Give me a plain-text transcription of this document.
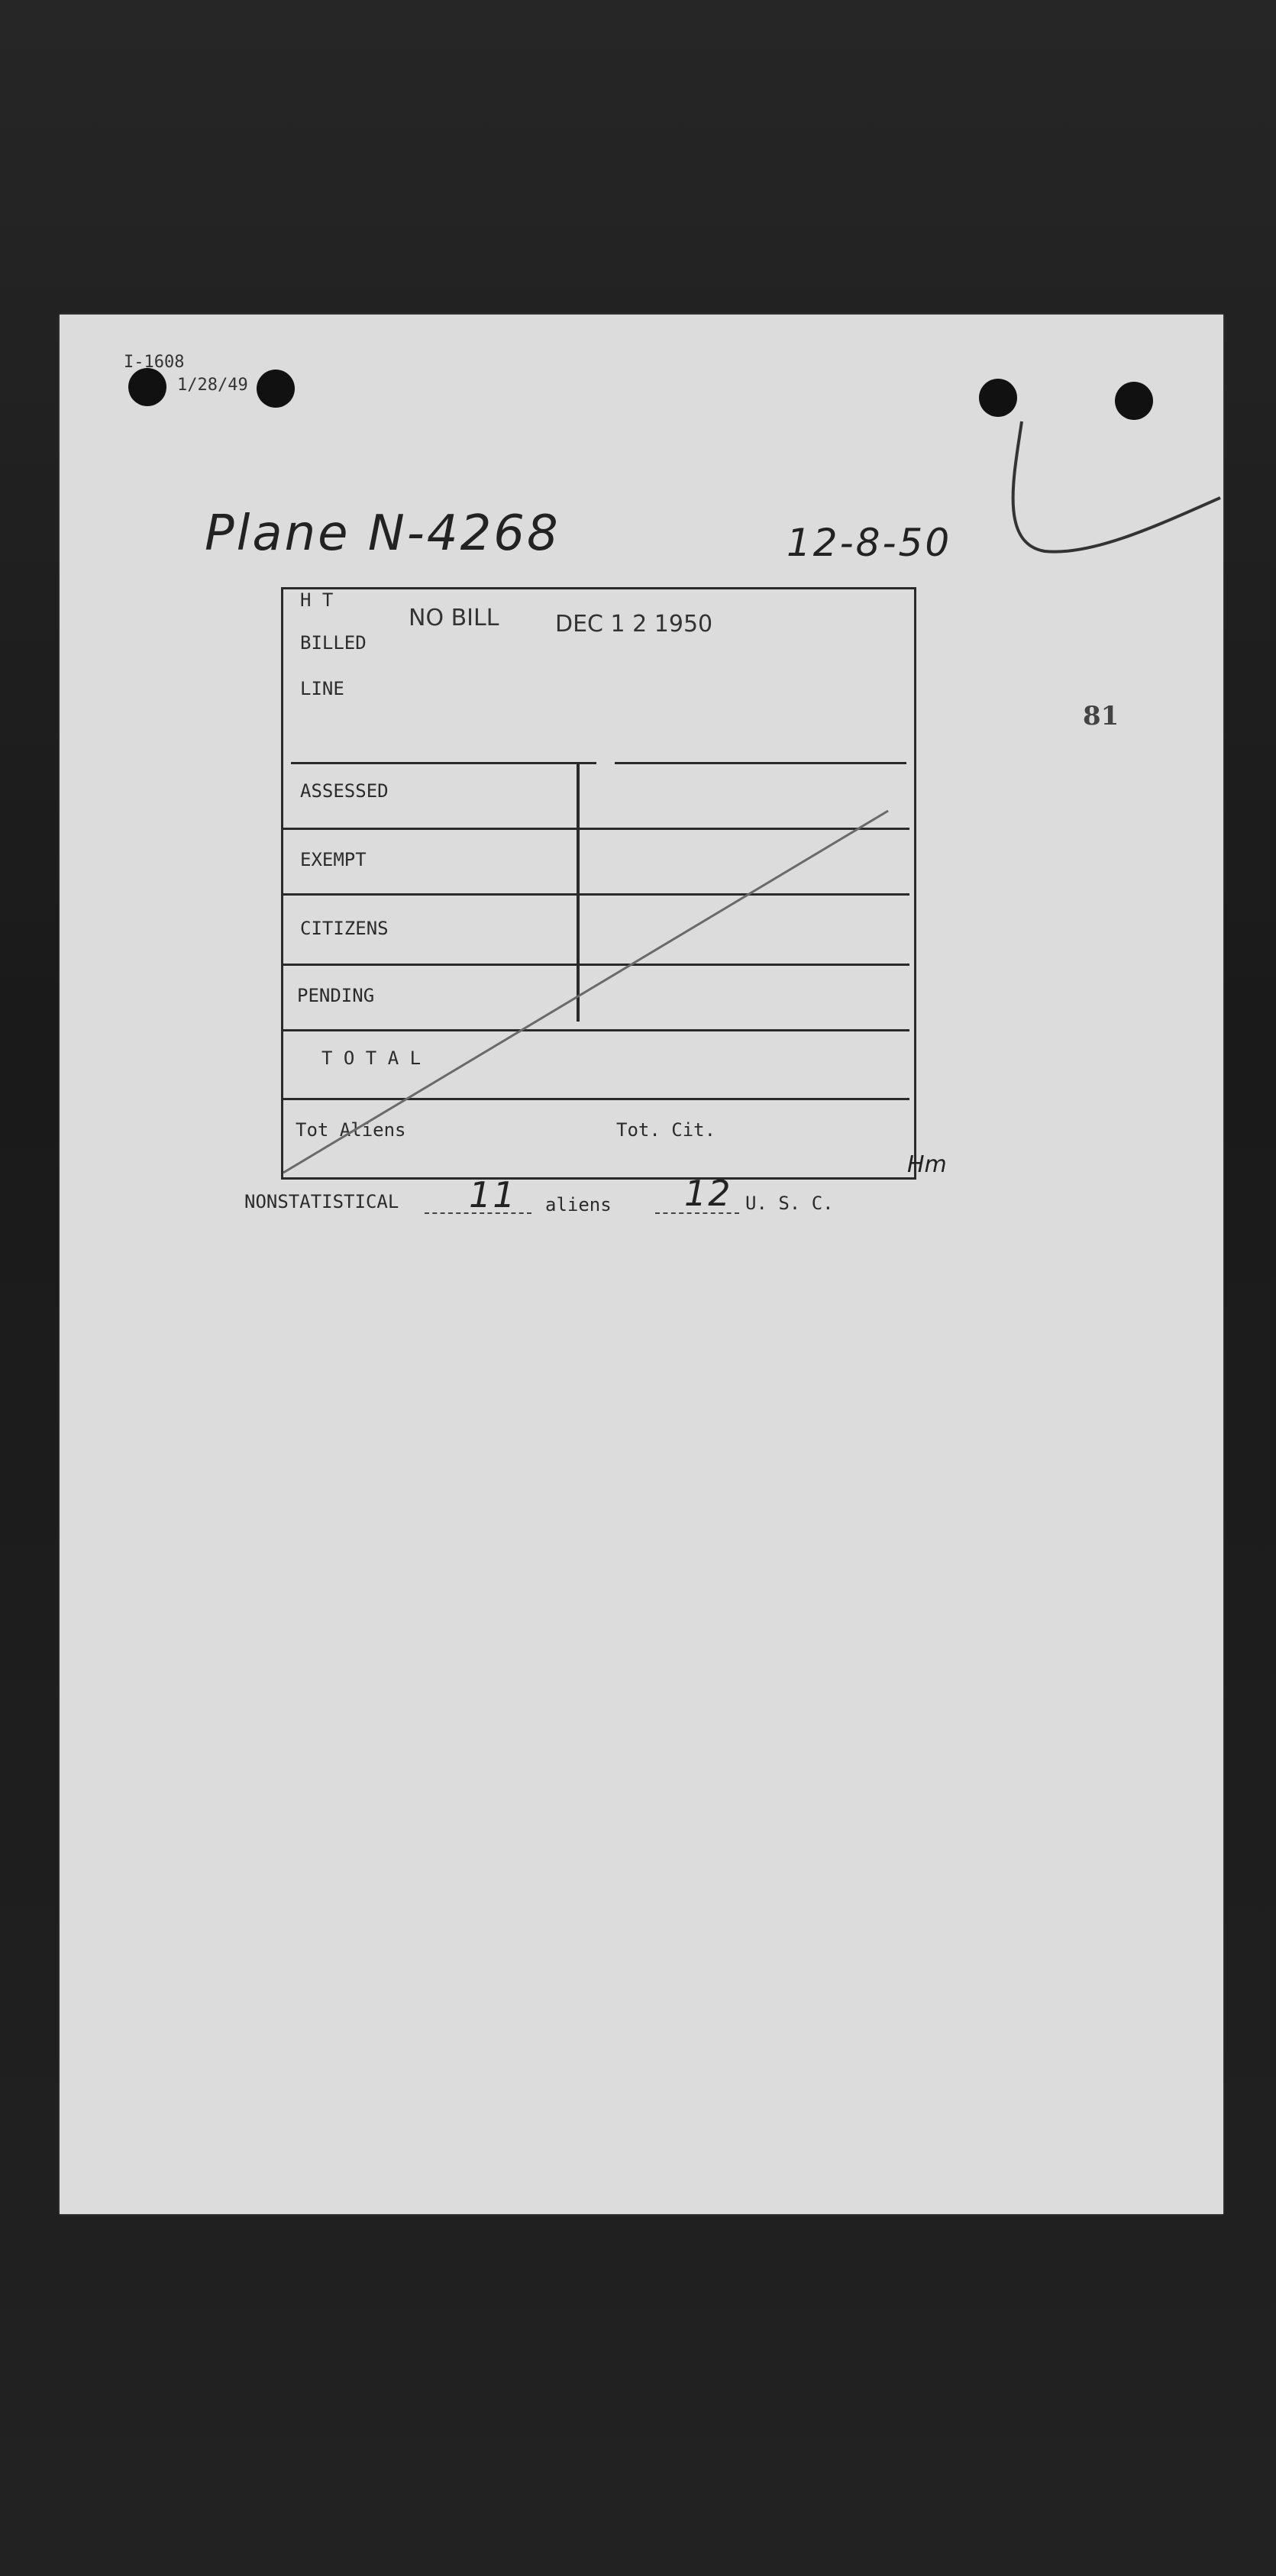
I-1608
1/28/49
Plane N-4268	12-8-50
81
H T
BILLED
LINE
NO BILL DEC 1 2 1950
ASSESSED
EXEMPT
CITIZENS
PENDING
T O T A L
Tot Aliens	Tot. Cit.
Hm
NONSTATISTICAL 11 aliens 12 U. S. C.
